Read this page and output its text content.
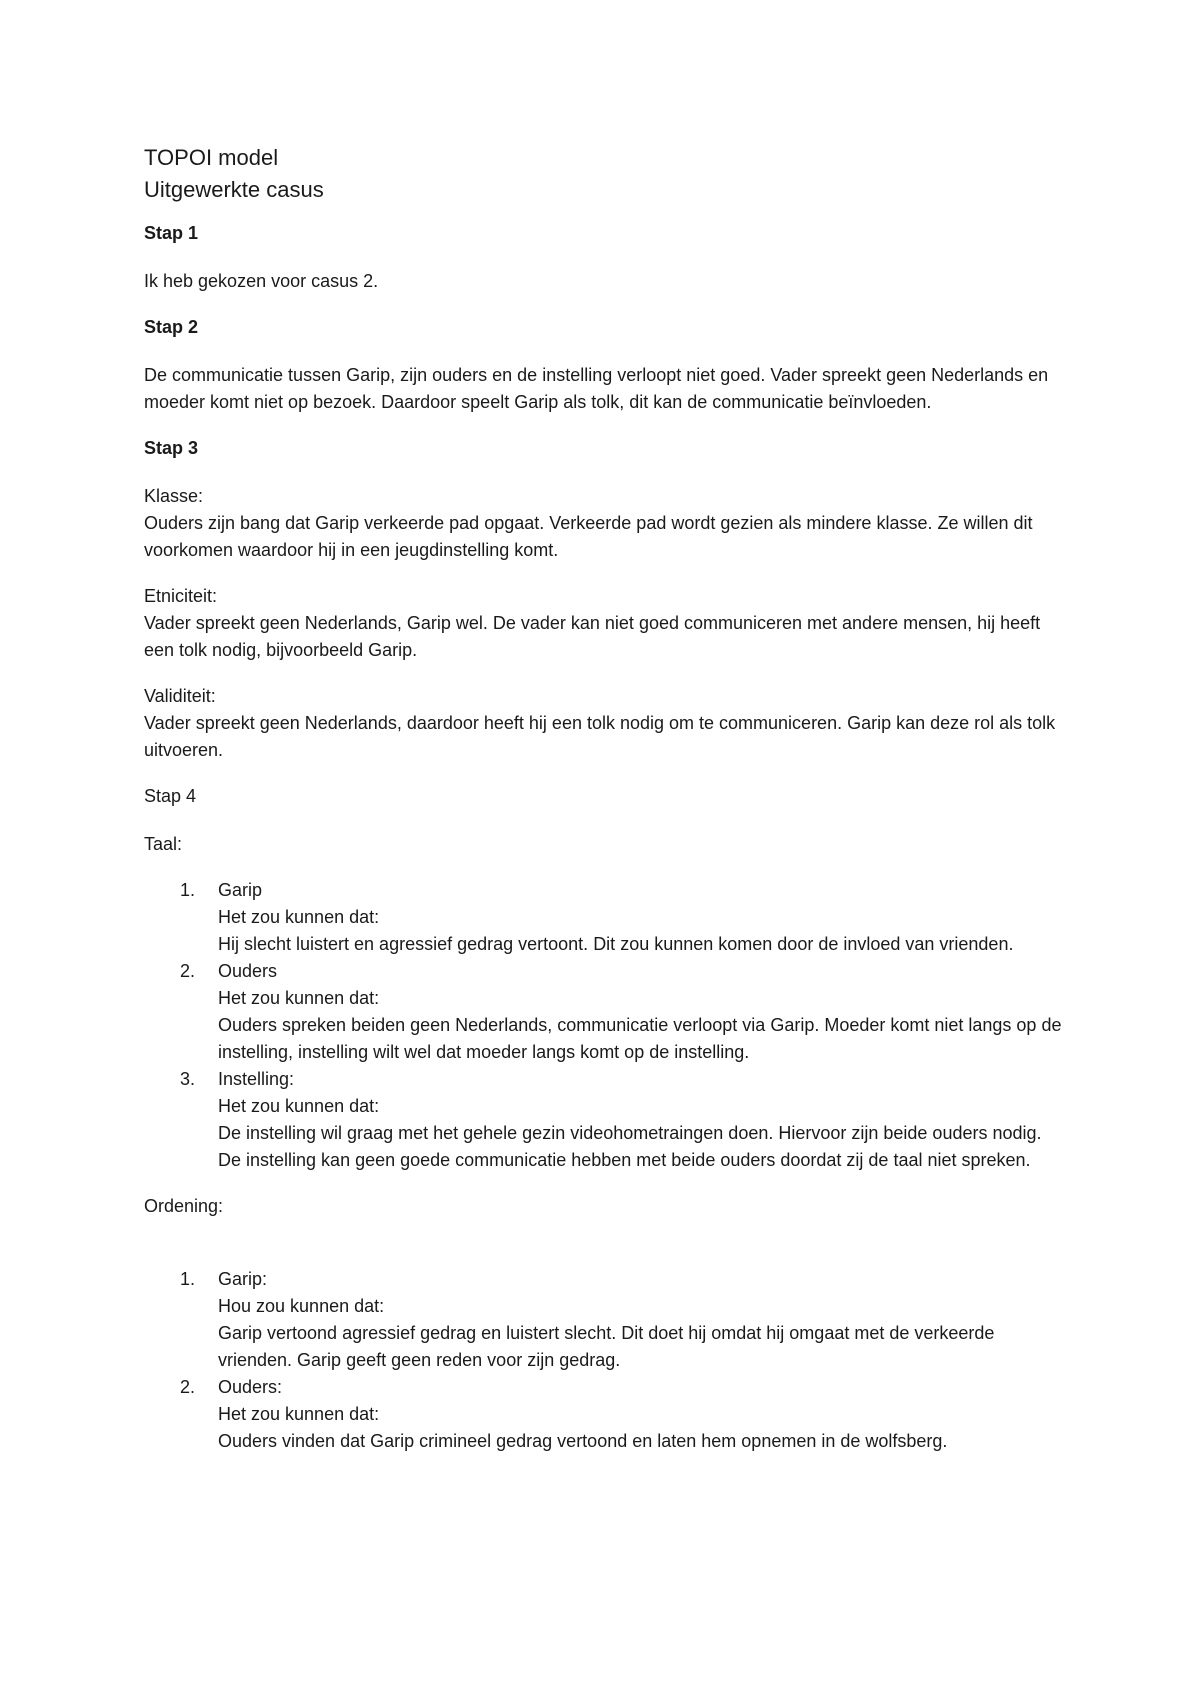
TOPOI model
Uitgewerkte casus
Stap 1

Ik heb gekozen voor casus 2.

Stap 2

De communicatie tussen Garip, zijn ouders en de instelling verloopt niet goed. Vader spreekt geen Nederlands en moeder komt niet op bezoek. Daardoor speelt Garip als tolk, dit kan de communicatie beïnvloeden.

Stap 3
Klasse:
Ouders zijn bang dat Garip verkeerde pad opgaat. Verkeerde pad wordt gezien als mindere klasse. Ze willen dit voorkomen waardoor hij in een jeugdinstelling komt.
Etniciteit:
Vader spreekt geen Nederlands, Garip wel. De vader kan niet goed communiceren met andere mensen, hij heeft een tolk nodig, bijvoorbeeld Garip.
Validiteit:
Vader spreekt geen Nederlands, daardoor heeft hij een tolk nodig om te communiceren. Garip kan deze rol als tolk uitvoeren.
Stap 4

Taal:

1. Garip
Het zou kunnen dat:
Hij slecht luistert en agressief gedrag vertoont. Dit zou kunnen komen door de invloed van vrienden.
2. Ouders
Het zou kunnen dat:
Ouders spreken beiden geen Nederlands, communicatie verloopt via Garip. Moeder komt niet langs op de instelling, instelling wilt wel dat moeder langs komt op de instelling.
3. Instelling:
Het zou kunnen dat:
De instelling wil graag met het gehele gezin videohometraingen doen. Hiervoor zijn beide ouders nodig. De instelling kan geen goede communicatie hebben met beide ouders doordat zij de taal niet spreken.

Ordening:

1. Garip:
Hou zou kunnen dat:
Garip vertoond agressief gedrag en luistert slecht. Dit doet hij omdat hij omgaat met de verkeerde vrienden. Garip geeft geen reden voor zijn gedrag.
2. Ouders:
Het zou kunnen dat:
Ouders vinden dat Garip crimineel gedrag vertoond en laten hem opnemen in de wolfsberg.
